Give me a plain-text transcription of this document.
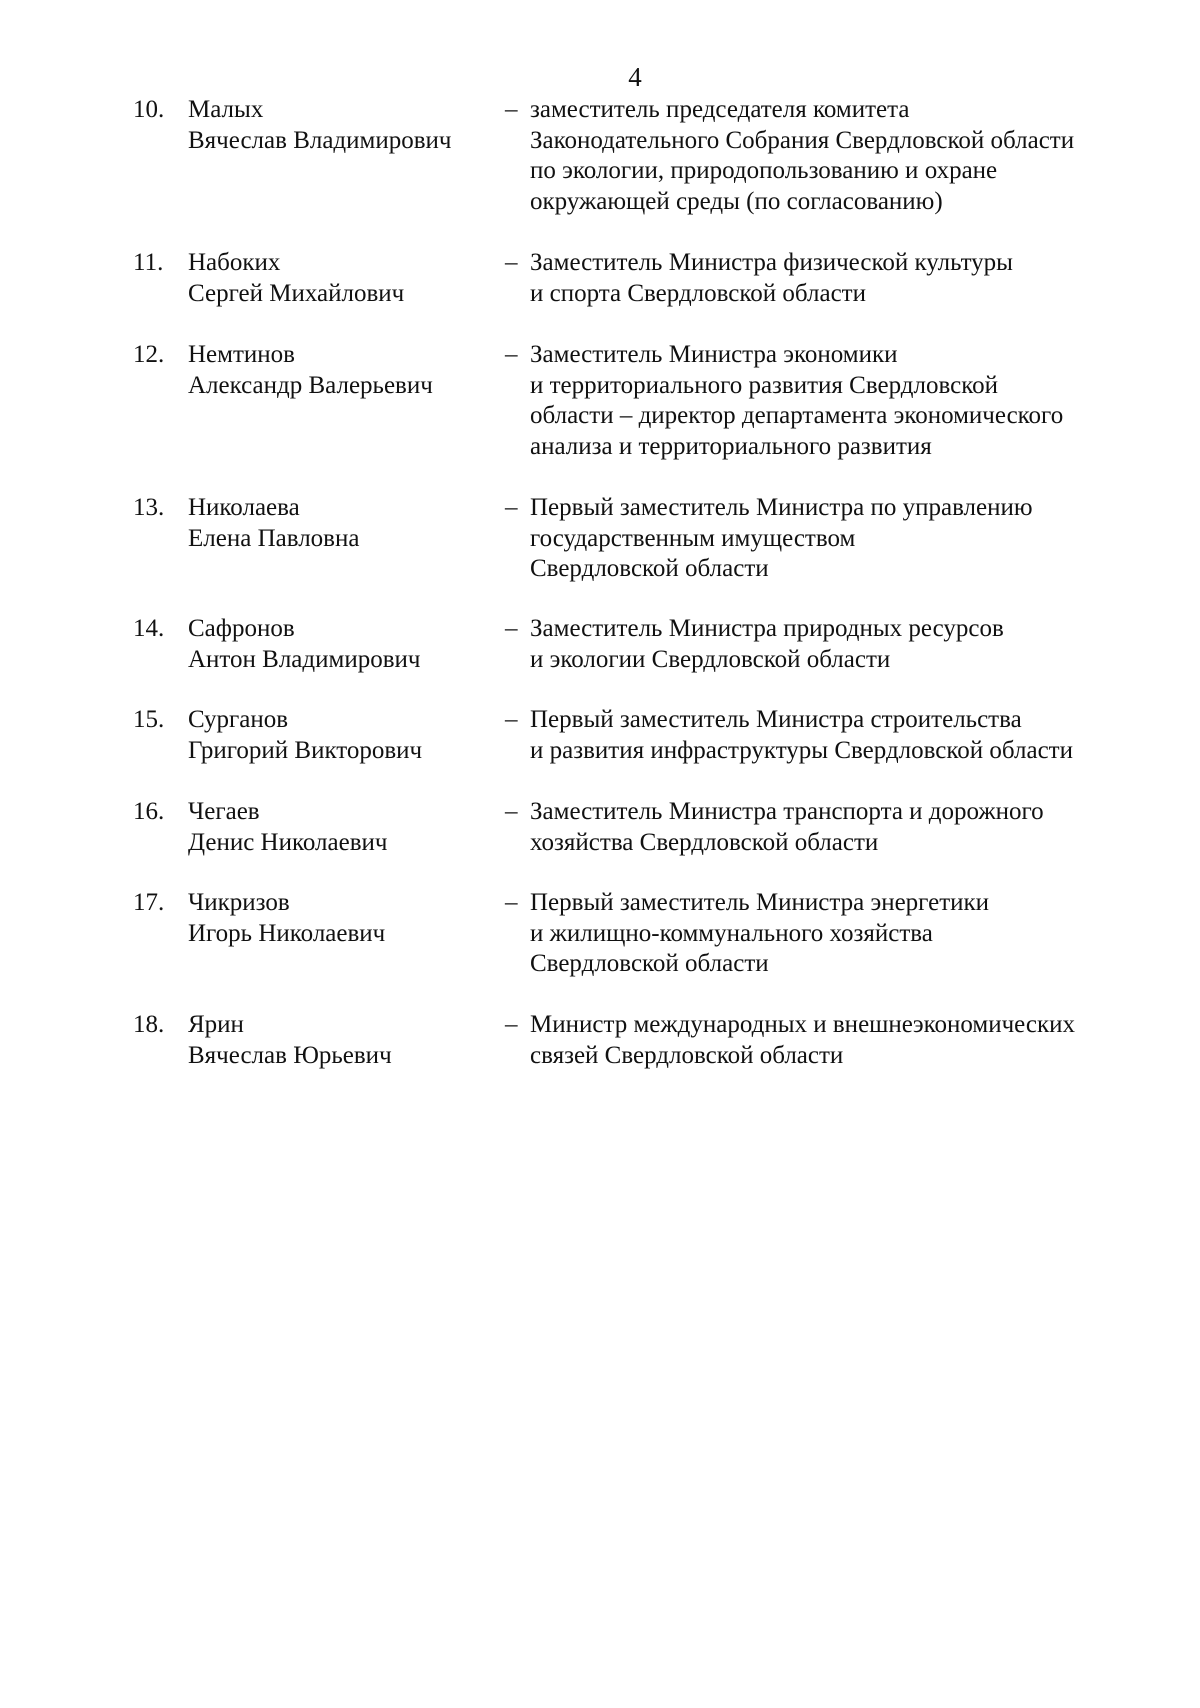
4
10. Малых
Вячеслав Владимирович
– заместитель председателя комитета
Законодательного Собрания Свердловской области
по экологии, природопользованию и охране
окружающей среды (по согласованию)
11. Набоких
Сергей Михайлович
– Заместитель Министра физической культуры
и спорта Свердловской области
12. Немтинов
Александр Валерьевич
– Заместитель Министра экономики
и территориального развития Свердловской
области – директор департамента экономического
анализа и территориального развития
13. Николаева
Елена Павловна
– Первый заместитель Министра по управлению
государственным имуществом
Свердловской области
14. Сафронов
Антон Владимирович
– Заместитель Министра природных ресурсов
и экологии Свердловской области
15. Сурганов
Григорий Викторович
– Первый заместитель Министра строительства
и развития инфраструктуры Свердловской области
16. Чегаев
Денис Николаевич
– Заместитель Министра транспорта и дорожного
хозяйства Свердловской области
17. Чикризов
Игорь Николаевич
– Первый заместитель Министра энергетики
и жилищно-коммунального хозяйства
Свердловской области
18. Ярин
Вячеслав Юрьевич
– Министр международных и внешнеэкономических
связей Свердловской области
